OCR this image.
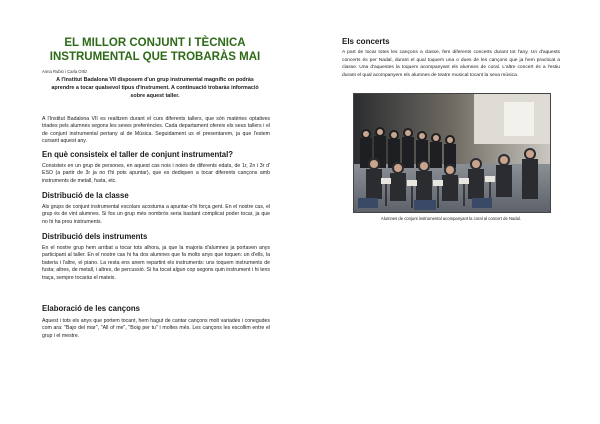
EL MILLOR CONJUNT I TÈCNICA INSTRUMENTAL QUE TROBARÀS MAI

Anna Rubio i Carla Ortiz

A l'Institut Badalona VII disposem d'un grup instrumental magnífic on podràs aprendre a tocar qualsevol tipus d'instrument. A continuació trobaràs informació sobre aquest taller.

A l'Institut Badalona VII es realitzen durant el curs diferents tallers, que són matèries optatives triades pels alumnes segons les seves preferències. Cada departament ofereix els seus tallers i el de conjunt instrumental pertany al de Música. Seguidament us el presentarem, ja que l'estem cursant aquest any.

En què consisteix el taller de conjunt instrumental?

Consisteix en un grup de persones, en aquest cas nois i noies de diferents edats, de 1r, 2n i 3r d' ESO (a partir de 3r ja no t'hi pots apuntar), que es dediquen a tocar diferents cançons amb instruments de metall, fusta, etc.

Distribució de la classe

Als grups de conjunt instrumental escolars acostuma a apuntar-s'hi força gent. En el nostre cas, el grup és de vint alumnes. Si fos un grup més nombrós seria bastant complicat poder tocar, ja que no hi ha prou instruments.

Distribució dels instruments

En el nostre grup hem arribat a tocar tots alhora, ja que la majoria d'alumnes ja portaven anys participant al taller. En el nostre cas hi ha dos alumnes que fa molts anys que toquen: un d'ells, la bateria i l'altre, el piano. La resta ens anem repartint els instruments: uns toquem instruments de fusta; altres, de metall, i altres, de percussió. Si ha tocat algun cop segons quin instrument i hi tens traça, sempre tocaràs el mateix.

Elaboració de les cançons

Aquest i tots els anys que portem tocant, hem hagut de cantar cançons molt variades i conegudes com ara: "Bajo del mar", "All of me", "Boig per tu" i moltes més. Les cançons les escollim entre el grup i el mestre.

Els concerts

A part de tocar totes les cançons a classe, fem diferents concerts durant tot l'any. Un d'aquests concerts és per Nadal, durant el qual toquem una o dues de les cançons que ja hem practicat a classe. Una d'aquestes la toquem acompanyant els alumnes de coral. L'altre concert és a l'estiu durant el qual acompanyem els alumnes de teatre musical tocant la seva música.

Alumnes de conjunt instrumental acompanyant la coral al concert de Nadal.
